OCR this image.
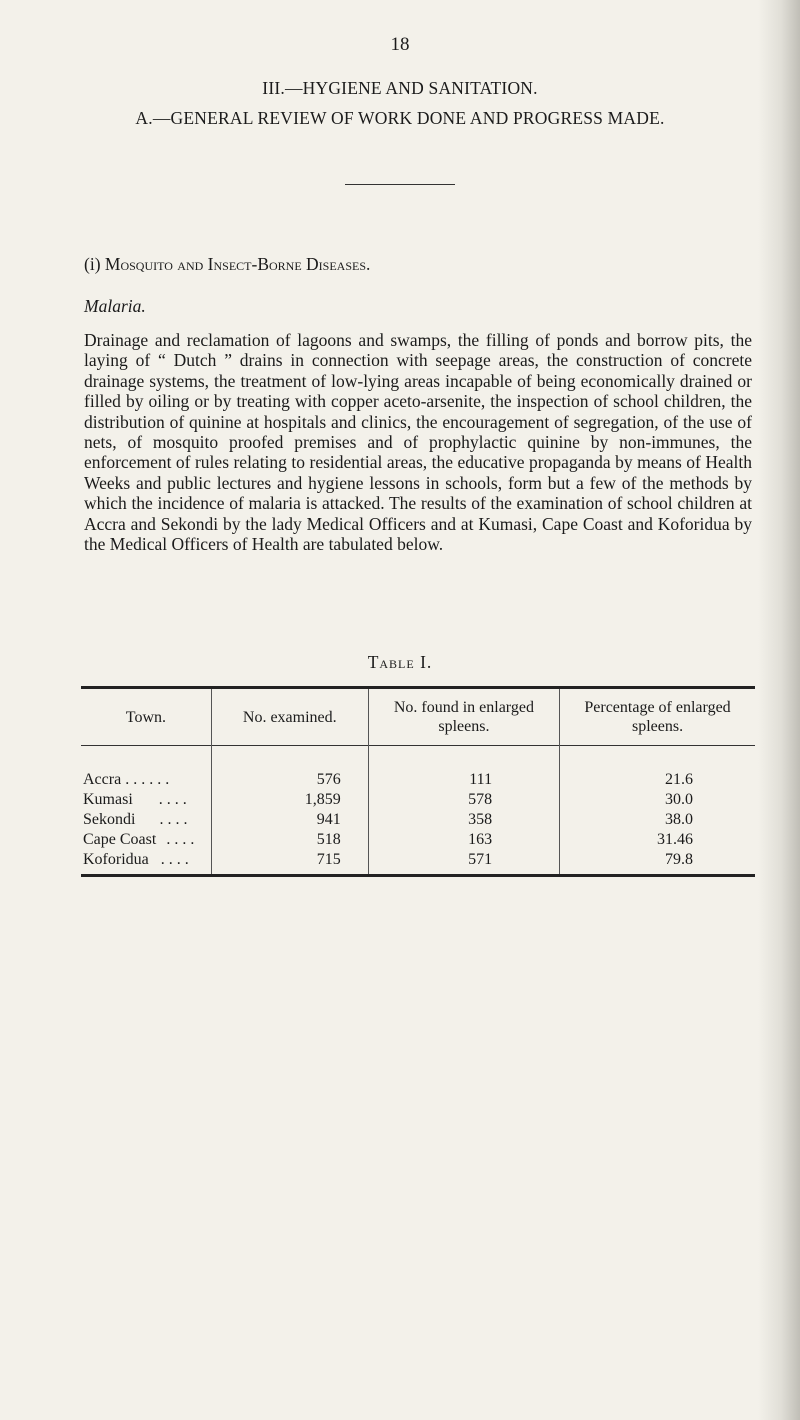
18
III.—HYGIENE AND SANITATION.
A.—GENERAL REVIEW OF WORK DONE AND PROGRESS MADE.
(i) Mosquito and Insect-Borne Diseases.
Malaria.

Drainage and reclamation of lagoons and swamps, the filling of ponds and borrow pits, the laying of “ Dutch ” drains in connection with seepage areas, the construction of concrete drainage systems, the treatment of low-lying areas incapable of being economically drained or filled by oiling or by treating with copper aceto-arsenite, the inspection of school children, the distribution of quinine at hospitals and clinics, the encouragement of segregation, of the use of nets, of mosquito proofed premises and of prophylactic quinine by non-immunes, the enforcement of rules relating to residential areas, the educative propaganda by means of Health Weeks and public lectures and hygiene lessons in schools, form but a few of the methods by which the incidence of malaria is attacked. The results of the examination of school children at Accra and Sekondi by the lady Medical Officers and at Kumasi, Cape Coast and Koforidua by the Medical Officers of Health are tabulated below.

Table I.
Town.	No. examined.	No. found in enlarged spleens.	Percentage of enlarged spleens.
Accra . . . . . .	576	111	21.6
Kumasi . . . .	1,859	578	30.0
Sekondi . . . .	941	358	38.0
Cape Coast . . . .	518	163	31.46
Koforidua . . . .	715	571	79.8
